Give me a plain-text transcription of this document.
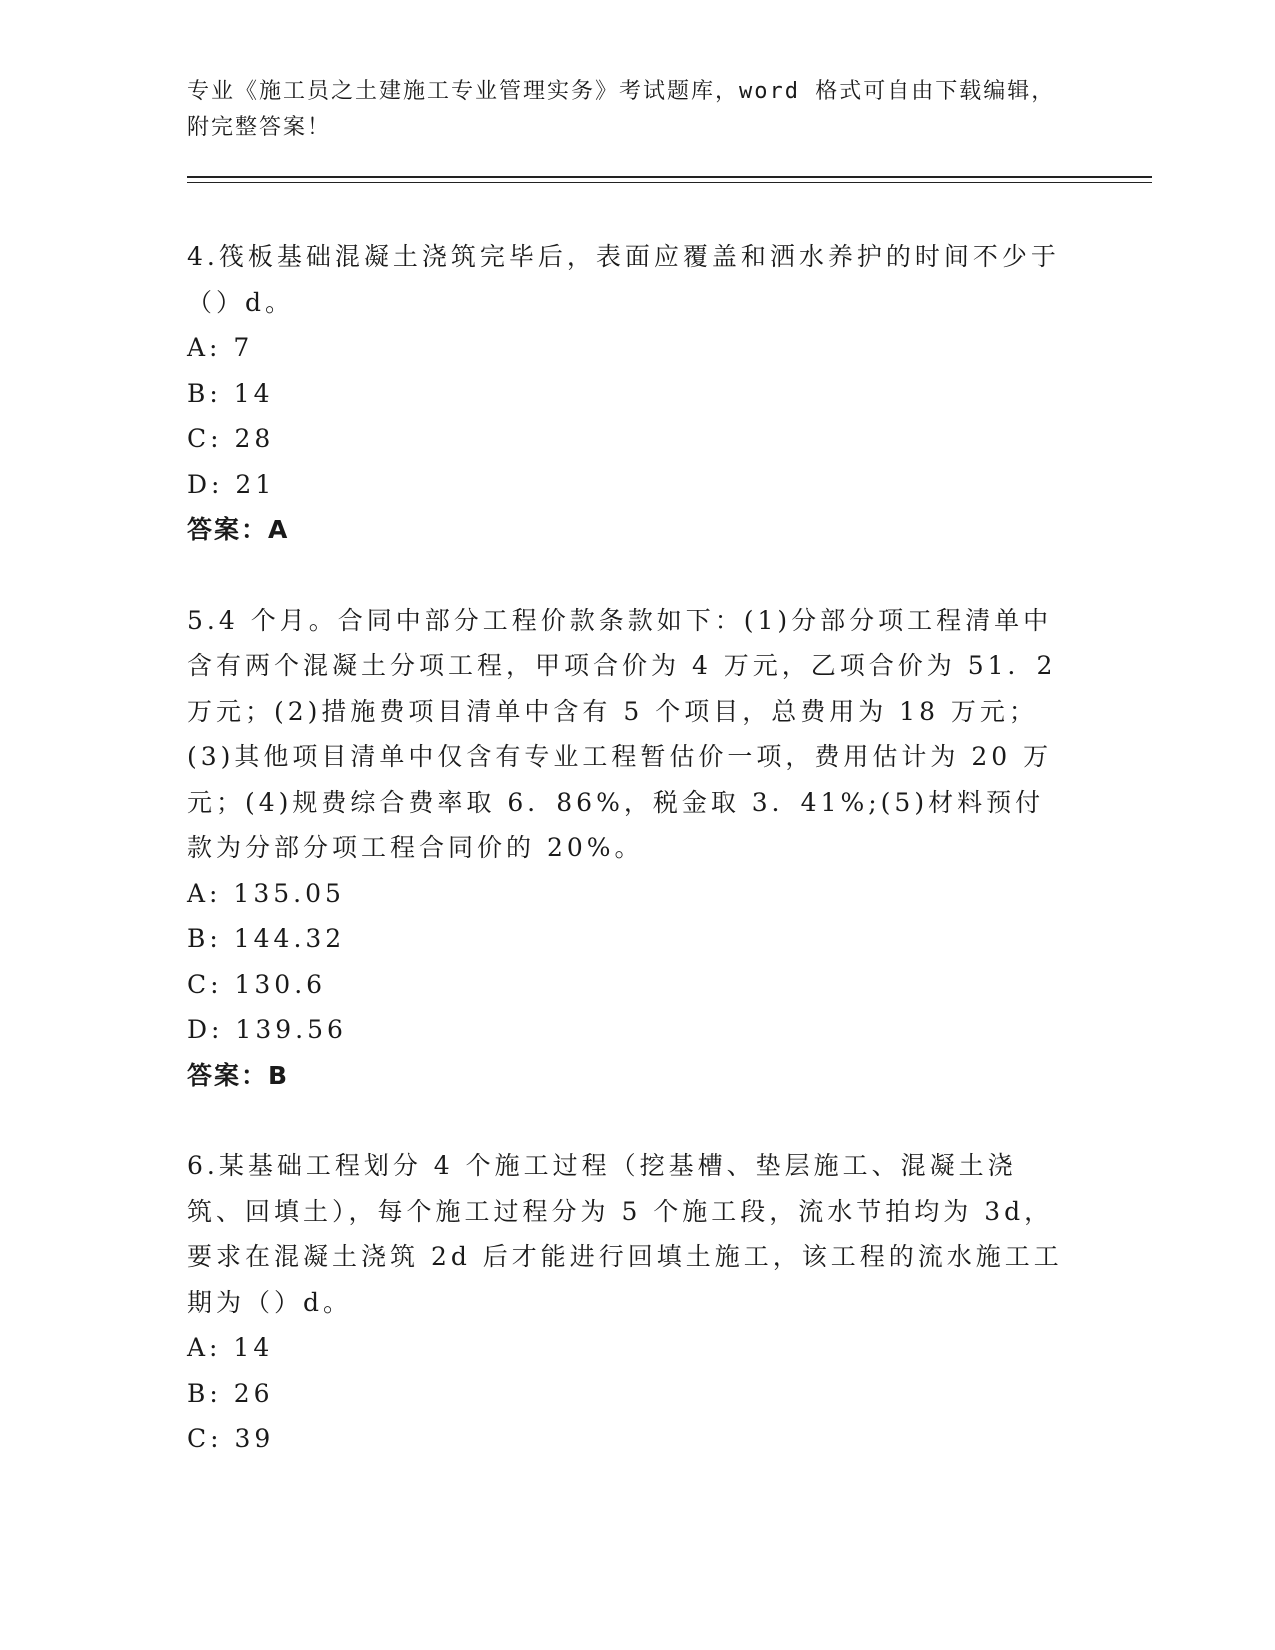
专业《施工员之土建施工专业管理实务》考试题库，word 格式可自由下载编辑，
附完整答案！
4.筏板基础混凝土浇筑完毕后，表面应覆盖和洒水养护的时间不少于（）d。
A: 7
B: 14
C: 28
D: 21
答案：A
5.4 个月。合同中部分工程价款条款如下：(1)分部分项工程清单中含有两个混凝土分项工程，甲项合价为 4 万元，乙项合价为 51．2 万元；(2)措施费项目清单中含有 5 个项目，总费用为 18 万元；(3)其他项目清单中仅含有专业工程暂估价一项，费用估计为 20 万元；(4)规费综合费率取 6．86%，税金取 3．41%;(5)材料预付款为分部分项工程合同价的 20%。
A: 135.05
B: 144.32
C: 130.6
D: 139.56
答案：B
6.某基础工程划分 4 个施工过程（挖基槽、垫层施工、混凝土浇筑、回填土），每个施工过程分为 5 个施工段，流水节拍均为 3d，要求在混凝土浇筑 2d 后才能进行回填土施工，该工程的流水施工工期为（）d。
A: 14
B: 26
C: 39
